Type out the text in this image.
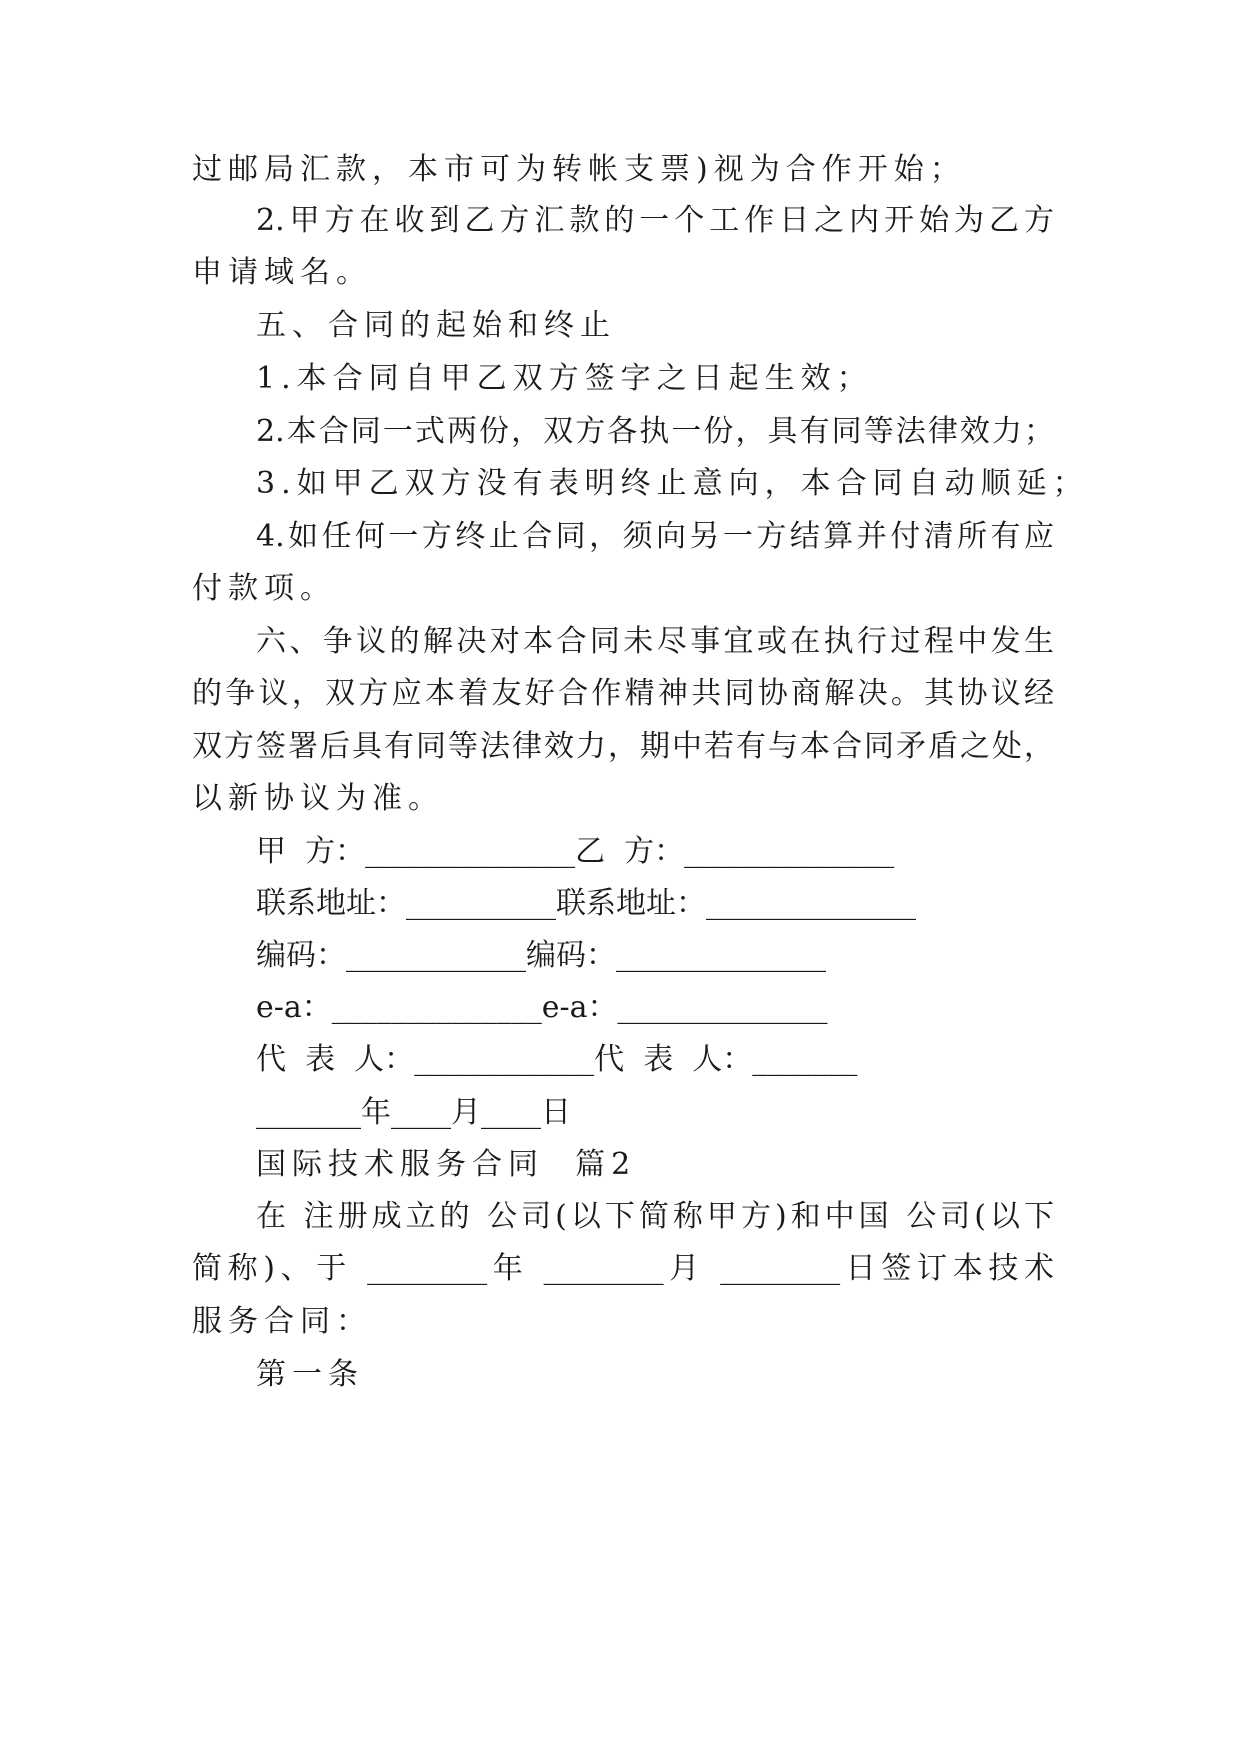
过邮局汇款，本市可为转帐支票)视为合作开始；
2.甲方在收到乙方汇款的一个工作日之内开始为乙方
申请域名。
五、合同的起始和终止
1.本合同自甲乙双方签字之日起生效；
2.本合同一式两份，双方各执一份，具有同等法律效力；
3.如甲乙双方没有表明终止意向，本合同自动顺延；
4.如任何一方终止合同，须向另一方结算并付清所有应
付款项。
六、争议的解决对本合同未尽事宜或在执行过程中发生
的争议，双方应本着友好合作精神共同协商解决。其协议经
双方签署后具有同等法律效力，期中若有与本合同矛盾之处，
以新协议为准。
甲  方：______________乙  方：______________
联系地址：__________联系地址：______________
编码：____________编码：______________
e-a：______________e-a：______________
代  表  人：____________代  表  人：_______
_______年____月____日
国际技术服务合同  篇2
在 注册成立的 公司(以下简称甲方)和中国 公司(以下
简称)、于 ________年 ________月 ________日签订本技术
服务合同：
第一条
